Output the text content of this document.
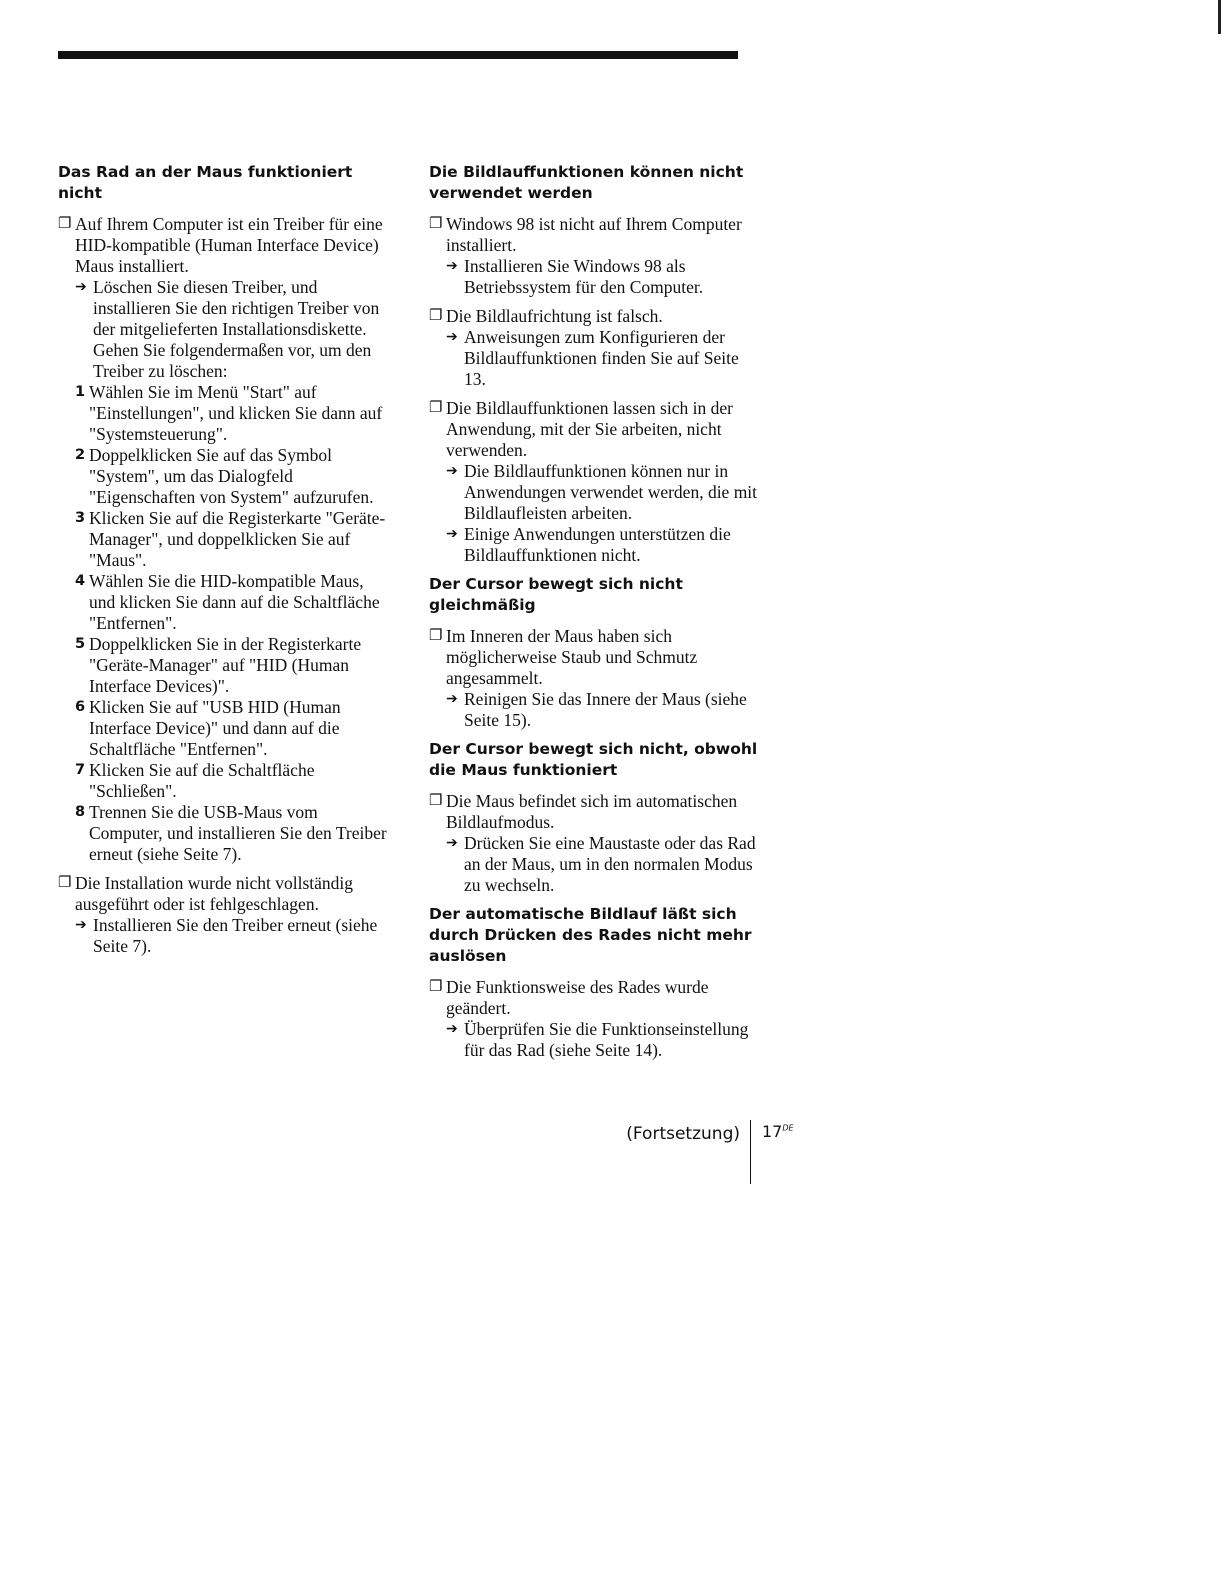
Das Rad an der Maus funktioniert nicht
❐ Auf Ihrem Computer ist ein Treiber für eine HID-kompatible (Human Interface Device) Maus installiert.
➔ Löschen Sie diesen Treiber, und installieren Sie den richtigen Treiber von der mitgelieferten Installationsdiskette. Gehen Sie folgendermaßen vor, um den Treiber zu löschen:
1 Wählen Sie im Menü "Start" auf "Einstellungen", und klicken Sie dann auf "Systemsteuerung".
2 Doppelklicken Sie auf das Symbol "System", um das Dialogfeld "Eigenschaften von System" aufzurufen.
3 Klicken Sie auf die Registerkarte "Geräte-Manager", und doppelklicken Sie auf "Maus".
4 Wählen Sie die HID-kompatible Maus, und klicken Sie dann auf die Schaltfläche "Entfernen".
5 Doppelklicken Sie in der Registerkarte "Geräte-Manager" auf "HID (Human Interface Devices)".
6 Klicken Sie auf "USB HID (Human Interface Device)" und dann auf die Schaltfläche "Entfernen".
7 Klicken Sie auf die Schaltfläche "Schließen".
8 Trennen Sie die USB-Maus vom Computer, und installieren Sie den Treiber erneut (siehe Seite 7).
❐ Die Installation wurde nicht vollständig ausgeführt oder ist fehlgeschlagen.
➔ Installieren Sie den Treiber erneut (siehe Seite 7).
Die Bildlauffunktionen können nicht verwendet werden
❐ Windows 98 ist nicht auf Ihrem Computer installiert.
➔ Installieren Sie Windows 98 als Betriebssystem für den Computer.
❐ Die Bildlaufrichtung ist falsch.
➔ Anweisungen zum Konfigurieren der Bildlauffunktionen finden Sie auf Seite 13.
❐ Die Bildlauffunktionen lassen sich in der Anwendung, mit der Sie arbeiten, nicht verwenden.
➔ Die Bildlauffunktionen können nur in Anwendungen verwendet werden, die mit Bildlaufleisten arbeiten.
➔ Einige Anwendungen unterstützen die Bildlauffunktionen nicht.
Der Cursor bewegt sich nicht gleichmäßig
❐ Im Inneren der Maus haben sich möglicherweise Staub und Schmutz angesammelt.
➔ Reinigen Sie das Innere der Maus (siehe Seite 15).
Der Cursor bewegt sich nicht, obwohl die Maus funktioniert
❐ Die Maus befindet sich im automatischen Bildlaufmodus.
➔ Drücken Sie eine Maustaste oder das Rad an der Maus, um in den normalen Modus zu wechseln.
Der automatische Bildlauf läßt sich durch Drücken des Rades nicht mehr auslösen
❐ Die Funktionsweise des Rades wurde geändert.
➔ Überprüfen Sie die Funktionseinstellung für das Rad (siehe Seite 14).
(Fortsetzung) 17DE
